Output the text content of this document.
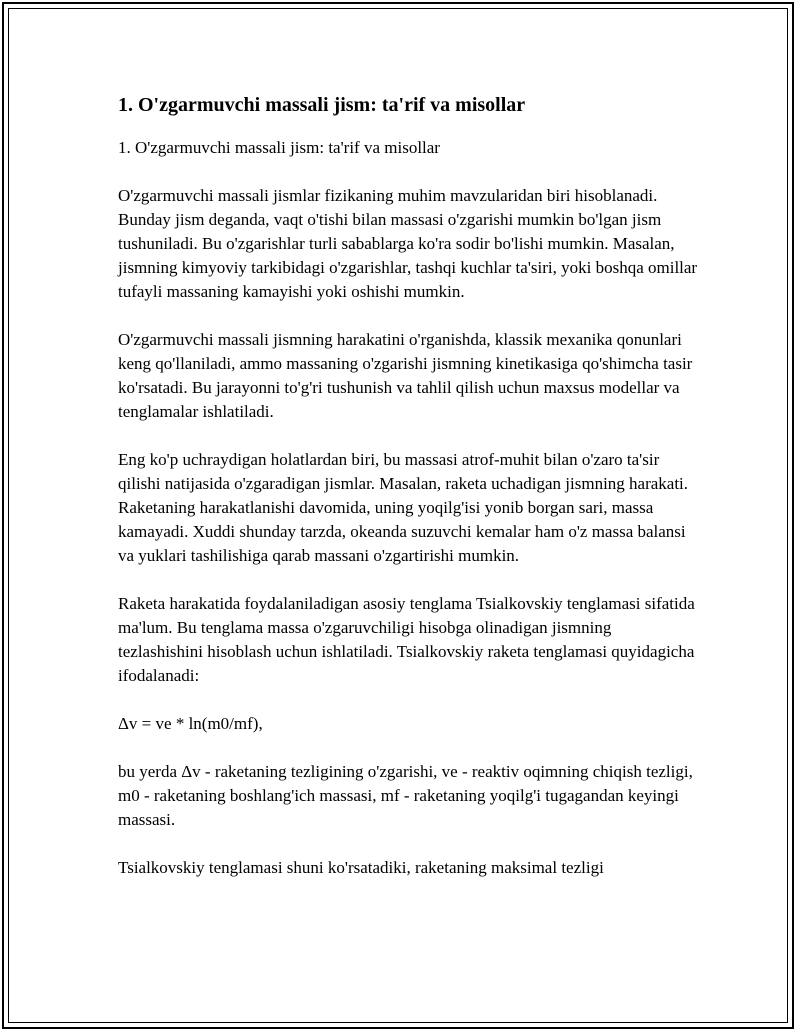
1. O'zgarmuvchi massali jism: ta'rif va misollar

1. O'zgarmuvchi massali jism: ta'rif va misollar

O'zgarmuvchi massali jismlar fizikaning muhim mavzularidan biri hisoblanadi. Bunday jism deganda, vaqt o'tishi bilan massasi o'zgarishi mumkin bo'lgan jism tushuniladi. Bu o'zgarishlar turli sabablarga ko'ra sodir bo'lishi mumkin. Masalan, jismning kimyoviy tarkibidagi o'zgarishlar, tashqi kuchlar ta'siri, yoki boshqa omillar tufayli massaning kamayishi yoki oshishi mumkin.

O'zgarmuvchi massali jismning harakatini o'rganishda, klassik mexanika qonunlari keng qo'llaniladi, ammo massaning o'zgarishi jismning kinetikasiga qo'shimcha tasir ko'rsatadi. Bu jarayonni to'g'ri tushunish va tahlil qilish uchun maxsus modellar va tenglamalar ishlatiladi.

Eng ko'p uchraydigan holatlardan biri, bu massasi atrof-muhit bilan o'zaro ta'sir qilishi natijasida o'zgaradigan jismlar. Masalan, raketa uchadigan jismning harakati. Raketaning harakatlanishi davomida, uning yoqilg'isi yonib borgan sari, massa kamayadi. Xuddi shunday tarzda, okeanda suzuvchi kemalar ham o'z massa balansi va yuklari tashilishiga qarab massani o'zgartirishi mumkin.

Raketa harakatida foydalaniladigan asosiy tenglama Tsialkovskiy tenglamasi sifatida ma'lum. Bu tenglama massa o'zgaruvchiligi hisobga olinadigan jismning tezlashishini hisoblash uchun ishlatiladi. Tsialkovskiy raketa tenglamasi quyidagicha ifodalanadi:

Δv = ve * ln(m0/mf),

bu yerda Δv - raketaning tezligining o'zgarishi, ve - reaktiv oqimning chiqish tezligi, m0 - raketaning boshlang'ich massasi, mf - raketaning yoqilg'i tugagandan keyingi massasi.

Tsialkovskiy tenglamasi shuni ko'rsatadiki, raketaning maksimal tezligi
